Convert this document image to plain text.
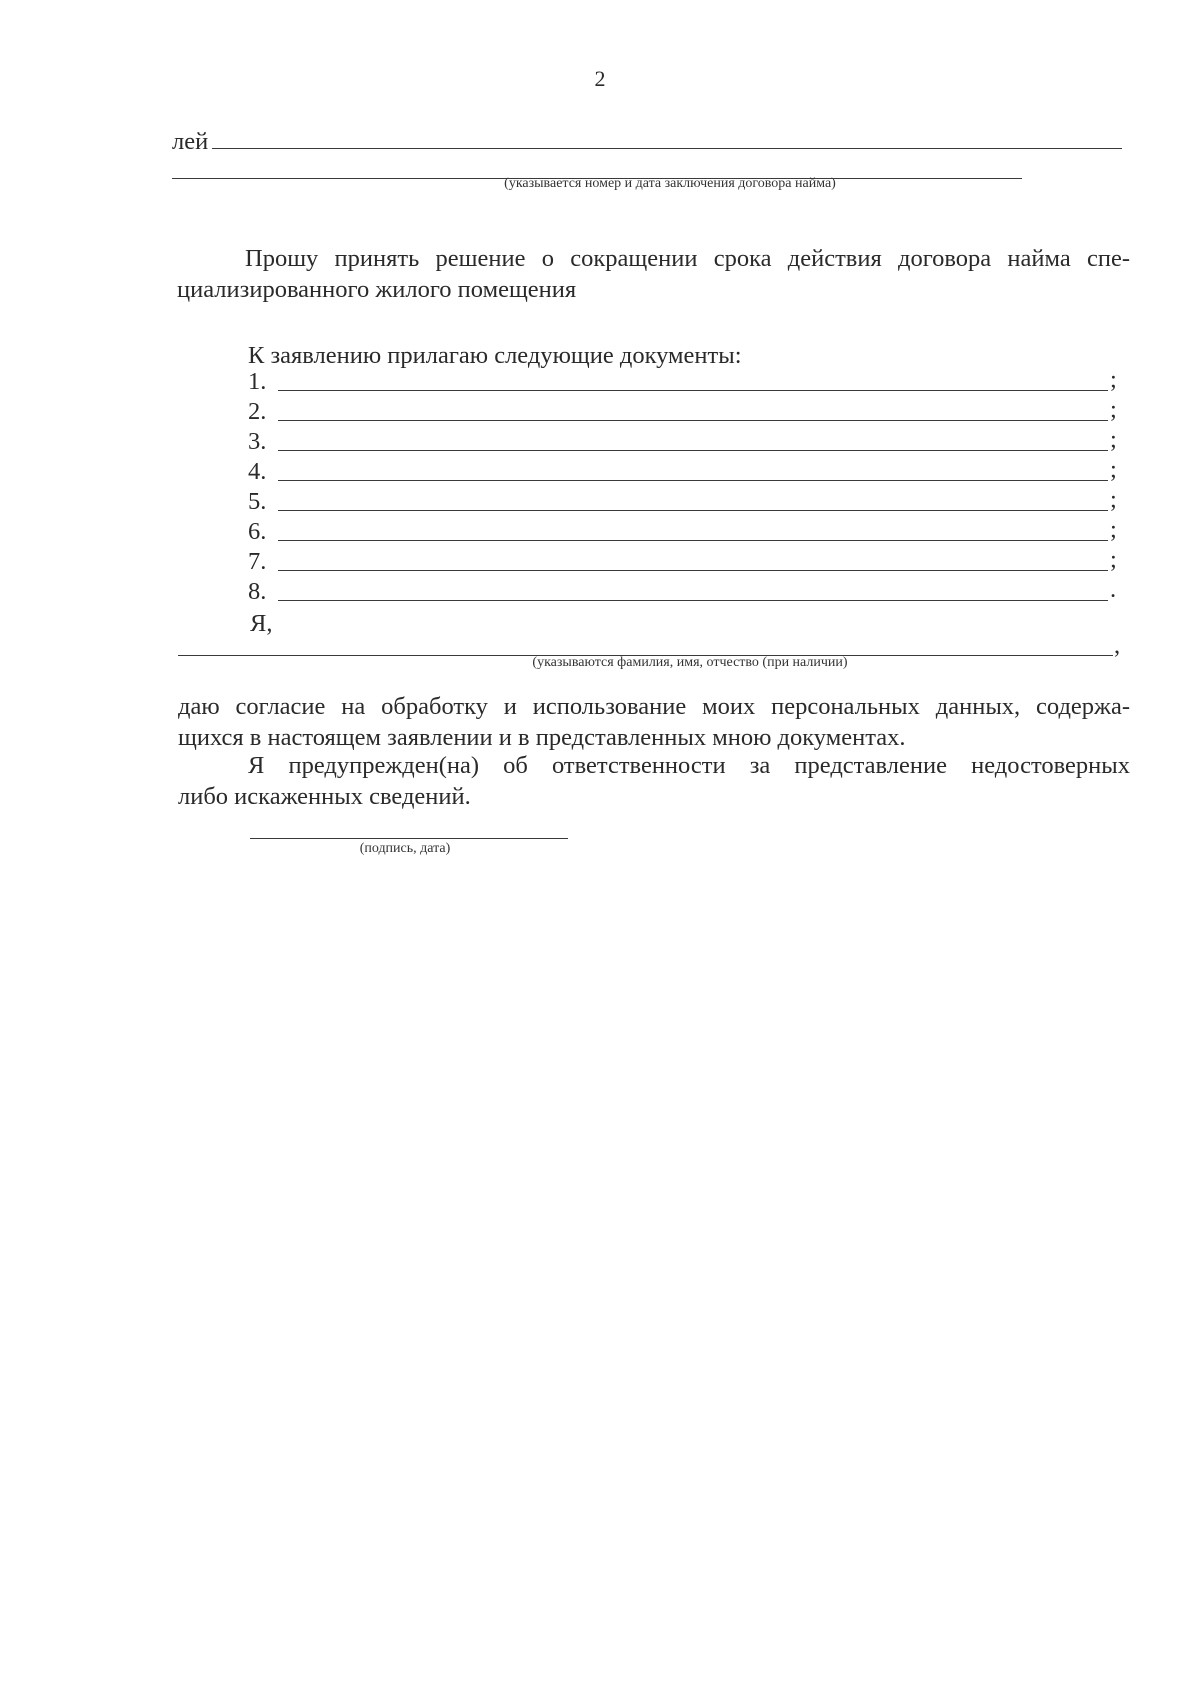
2
лей
(указывается номер и дата заключения договора найма)
Прошу принять решение о сокращении срока действия договора найма спе-
циализированного жилого помещения
К заявлению прилагаю следующие документы:
1.	;
2.	;
3.	;
4.	;
5.	;
6.	;
7.	;
8.	.
Я,
,
(указываются фамилия, имя, отчество (при наличии)
даю согласие на обработку и использование моих персональных данных, содержа-
щихся в настоящем заявлении и в представленных мною документах.
Я предупрежден(на) об ответственности за представление недостоверных
либо искаженных сведений.
(подпись, дата)
